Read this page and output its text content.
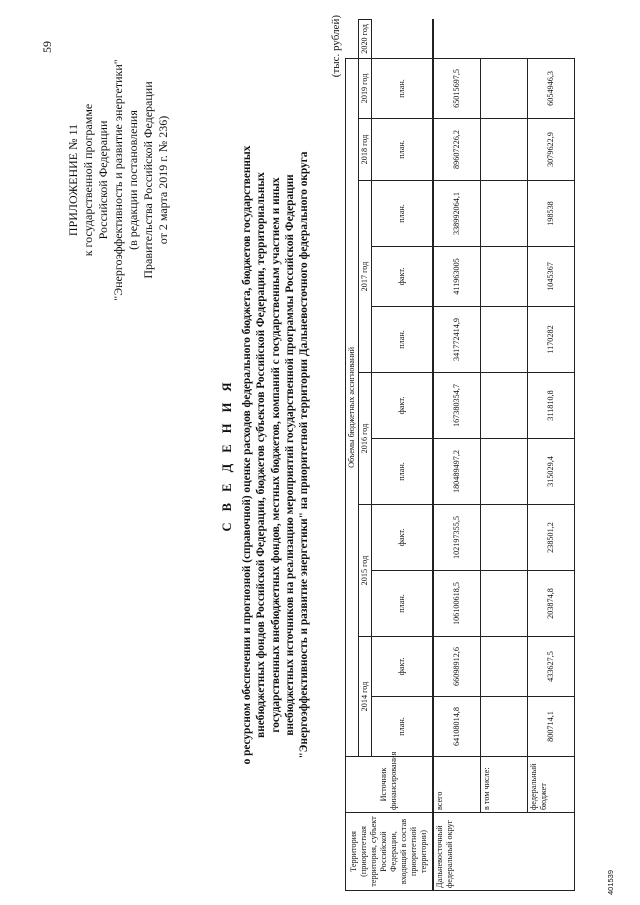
59
ПРИЛОЖЕНИЕ № 11 к государственной программе Российской Федерации "Энергоэффективность и развитие энергетики" (в редакции постановления Правительства Российской Федерации от 2 марта 2019 г. № 236)
С В Е Д Е Н И Я о ресурсном обеспечении и прогнозной (справочной) оценке расходов федерального бюджета, бюджетов государственных внебюджетных фондов Российской Федерации, бюджетов субъектов Российской Федерации, территориальных государственных внебюджетных фондов, местных бюджетов, компаний с государственным участием и иных внебюджетных источников на реализацию мероприятий государственной программы Российской Федерации "Энергоэффективность и развитие энергетики" на приоритетной территории Дальневосточного федерального округа
(тыс. рублей)
Территория (приоритетная территория, субъект Российской Федерации, входящий в состав приоритетной территории)	Источник финансирования	Объемы бюджетных ассигнований											
		2014 год		2015 год		2016 год		2017 год			2018 год	2019 год	2020 год
		план.	факт.	план.	факт.	план.	факт.	план.	факт.	план.	план.	план.	
Дальневосточный федеральный округ	всего	64108014,8	66098912,6	106100618,5	102197355,5	180489497,2	167380354,7	341772414,9	411963005	338992064,1	89607226,2	65015697,5	
	в том числе:												
	федеральный бюджет	800714,1	433627,5	203874,8	238501,2	315029,4	311810,8	1170282	1045367	198538	3079622,9	6054946,3	
401539
